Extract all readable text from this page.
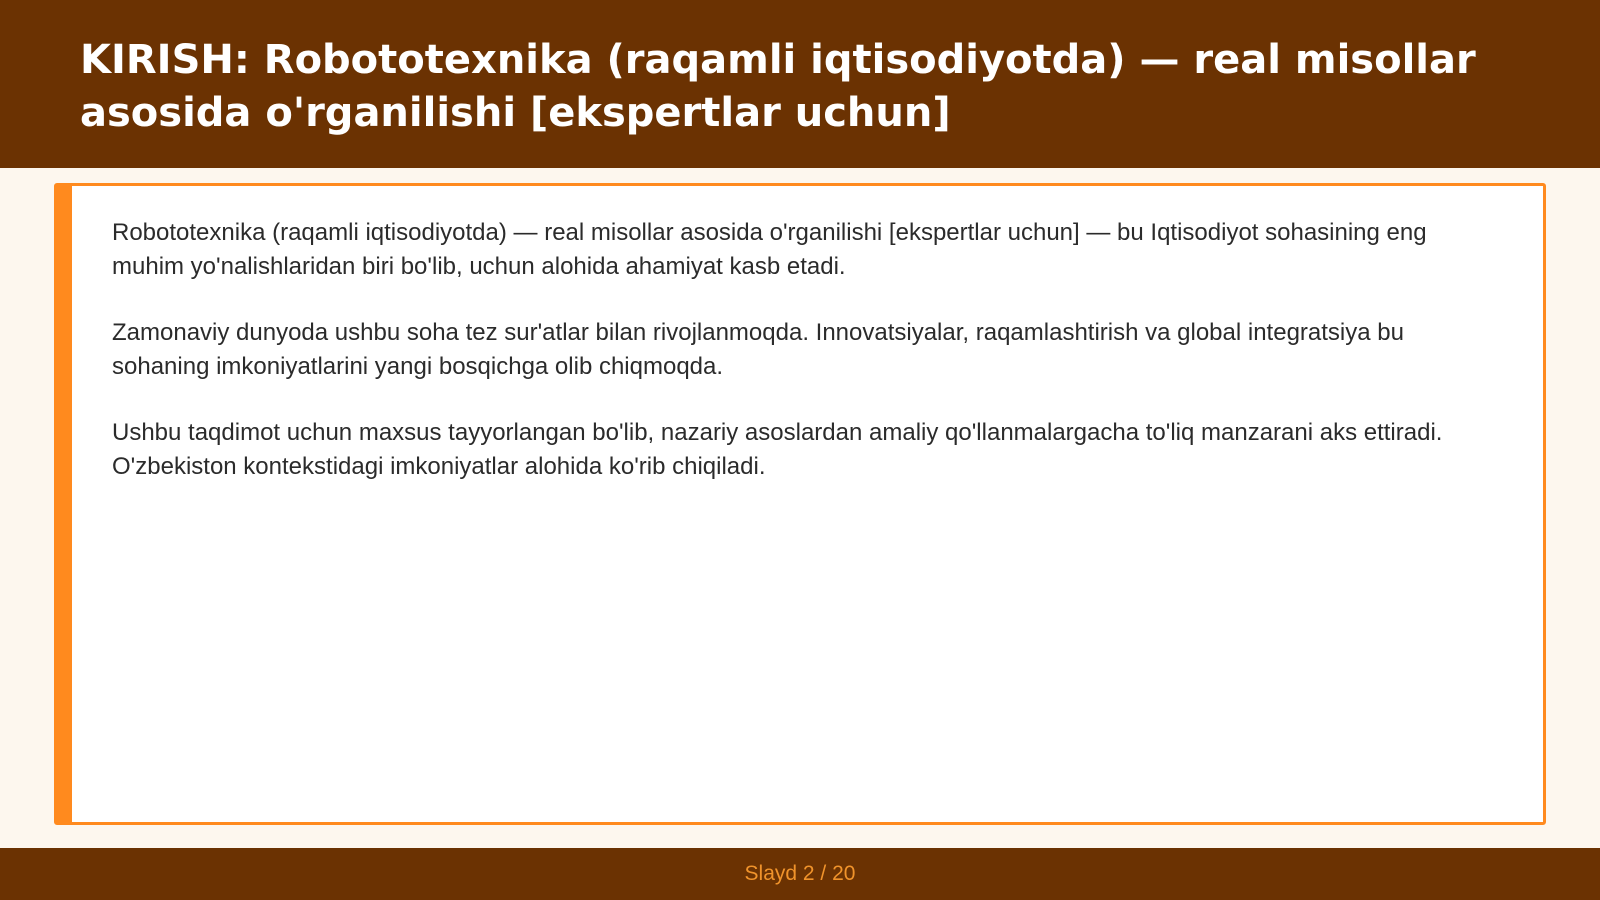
KIRISH: Robototexnika (raqamli iqtisodiyotda) — real misollar asosida o'rganilishi [ekspertlar uchun]

Robototexnika (raqamli iqtisodiyotda) — real misollar asosida o'rganilishi [ekspertlar uchun] — bu Iqtisodiyot sohasining eng muhim yo'nalishlaridan biri bo'lib, uchun alohida ahamiyat kasb etadi.

Zamonaviy dunyoda ushbu soha tez sur'atlar bilan rivojlanmoqda. Innovatsiyalar, raqamlashtirish va global integratsiya bu sohaning imkoniyatlarini yangi bosqichga olib chiqmoqda.

Ushbu taqdimot uchun maxsus tayyorlangan bo'lib, nazariy asoslardan amaliy qo'llanmalargacha to'liq manzarani aks ettiradi. O'zbekiston kontekstidagi imkoniyatlar alohida ko'rib chiqiladi.

Slayd 2 / 20
